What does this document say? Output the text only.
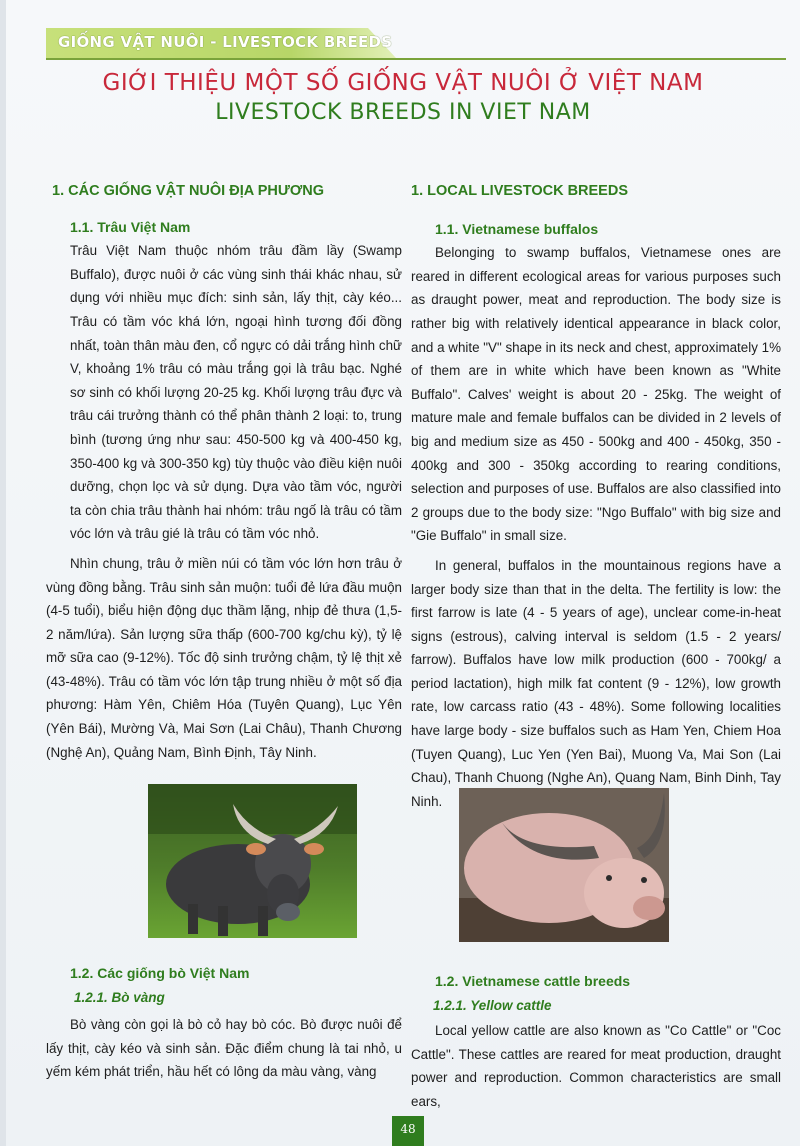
GIỐNG VẬT NUÔI - LIVESTOCK BREEDS
GIỚI THIỆU MỘT SỐ GIỐNG VẬT NUÔI Ở VIỆT NAM
LIVESTOCK BREEDS IN VIET NAM
1. CÁC GIỐNG VẬT NUÔI ĐỊA PHƯƠNG
1.1. Trâu Việt Nam

Trâu Việt Nam thuộc nhóm trâu đầm lầy (Swamp Buffalo), được nuôi ở các vùng sinh thái khác nhau, sử dụng với nhiều mục đích: sinh sản, lấy thịt, cày kéo... Trâu có tầm vóc khá lớn, ngoại hình tương đối đồng nhất, toàn thân màu đen, cổ ngực có dải trắng hình chữ V, khoảng 1% trâu có màu trắng gọi là trâu bạc. Nghé sơ sinh có khối lượng 20-25 kg. Khối lượng trâu đực và trâu cái trưởng thành có thể phân thành 2 loại: to, trung bình (tương ứng như sau: 450-500 kg và 400-450 kg, 350-400 kg và 300-350 kg) tùy thuộc vào điều kiện nuôi dưỡng, chọn lọc và sử dụng. Dựa vào tầm vóc, người ta còn chia trâu thành hai nhóm: trâu ngố là trâu có tầm vóc lớn và trâu gié là trâu có tầm vóc nhỏ.

Nhìn chung, trâu ở miền núi có tầm vóc lớn hơn trâu ở vùng đồng bằng. Trâu sinh sản muộn: tuổi đẻ lứa đầu muộn (4-5 tuổi), biểu hiện động dục thầm lặng, nhịp đẻ thưa (1,5-2 năm/lứa). Sản lượng sữa thấp (600-700 kg/chu kỳ), tỷ lệ mỡ sữa cao (9-12%). Tốc độ sinh trưởng chậm, tỷ lệ thịt xẻ (43-48%). Trâu có tầm vóc lớn tập trung nhiều ở một số địa phương: Hàm Yên, Chiêm Hóa (Tuyên Quang), Lục Yên (Yên Bái), Mường Và, Mai Sơn (Lai Châu), Thanh Chương (Nghệ An), Quảng Nam, Bình Định, Tây Ninh.

1. LOCAL LIVESTOCK BREEDS
1.1. Vietnamese buffalos

Belonging to swamp buffalos, Vietnamese ones are reared in different ecological areas for various purposes such as draught power, meat and reproduction. The body size is rather big with relatively identical appearance in black color, and a white "V" shape in its neck and chest, approximately 1% of them are in white which have been known as "White Buffalo". Calves' weight is about 20 - 25kg. The weight of mature male and female buffalos can be divided in 2 levels of big and medium size as 450 - 500kg and 400 - 450kg, 350 - 400kg and 300 - 350kg according to rearing conditions, selection and purposes of use. Buffalos are also classified into 2 groups due to the body size: "Ngo Buffalo" with big size and "Gie Buffalo" in small size.

In general, buffalos in the mountainous regions have a larger body size than that in the delta. The fertility is low: the first farrow is late (4 - 5 years of age), unclear come-in-heat signs (estrous), calving interval is seldom (1.5 - 2 years/ farrow). Buffalos have low milk production (600 - 700kg/ a period lactation), high milk fat content (9 - 12%), low growth rate, low carcass ratio (43 - 48%). Some following localities have large body - size buffalos such as Ham Yen, Chiem Hoa (Tuyen Quang), Luc Yen (Yen Bai), Muong Va, Mai Son (Lai Chau), Thanh Chuong (Nghe An), Quang Nam, Binh Dinh, Tay Ninh.

1.2. Các giống bò Việt Nam
1.2.1. Bò vàng

Bò vàng còn gọi là bò cỏ hay bò cóc. Bò được nuôi để lấy thịt, cày kéo và sinh sản. Đặc điểm chung là tai nhỏ, u yếm kém phát triển, hầu hết có lông da màu vàng, vàng

1.2. Vietnamese cattle breeds
1.2.1. Yellow cattle

Local yellow cattle are also known as "Co Cattle" or "Coc Cattle". These cattles are reared for meat production, draught power and reproduction. Common characteristics are small ears,

48
